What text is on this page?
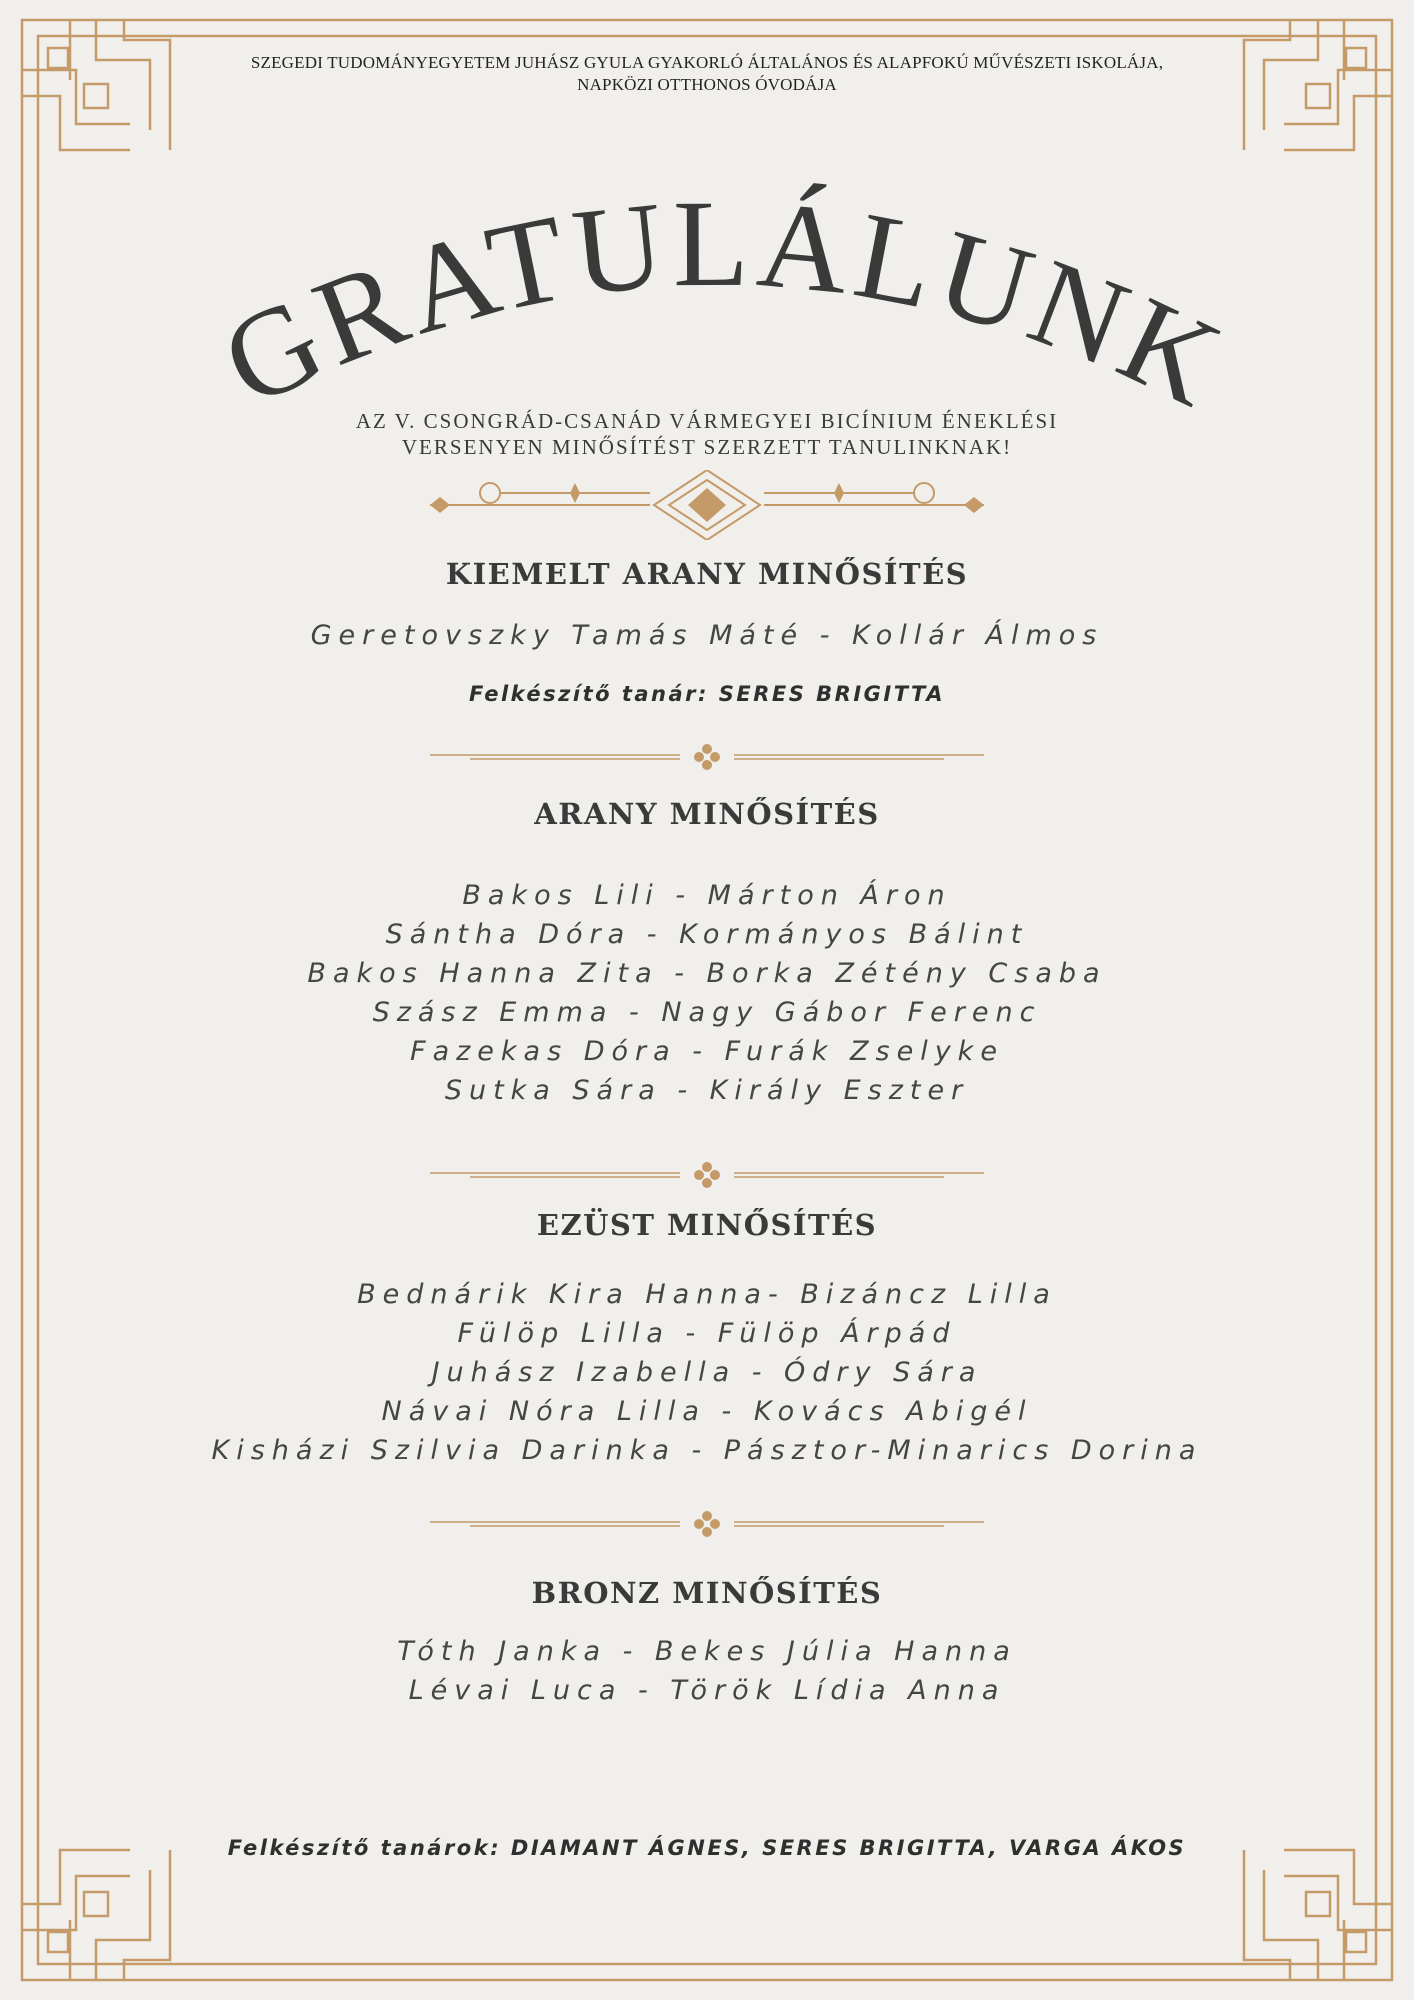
SZEGEDI TUDOMÁNYEGYETEM JUHÁSZ GYULA GYAKORLÓ ÁLTALÁNOS ÉS ALAPFOKÚ MŰVÉSZETI ISKOLÁJA,
NAPKÖZI OTTHONOS ÓVODÁJA
GRATULÁLUNK
AZ V. CSONGRÁD-CSANÁD VÁRMEGYEI BICÍNIUM ÉNEKLÉSI
VERSENYEN MINŐSÍTÉST SZERZETT TANULINKNAK!
KIEMELT ARANY MINŐSÍTÉS
Geretovszky Tamás Máté - Kollár Álmos
Felkészítő tanár: SERES BRIGITTA
ARANY MINŐSÍTÉS
Bakos Lili - Márton Áron
Sántha Dóra - Kormányos Bálint
Bakos Hanna Zita - Borka Zétény Csaba
Szász Emma - Nagy Gábor Ferenc
Fazekas Dóra - Furák Zselyke
Sutka Sára - Király Eszter
EZÜST MINŐSÍTÉS
Bednárik Kira Hanna- Bizáncz Lilla
Fülöp Lilla - Fülöp Árpád
Juhász Izabella - Ódry Sára
Návai Nóra Lilla - Kovács Abigél
Kisházi Szilvia Darinka - Pásztor-Minarics Dorina
BRONZ MINŐSÍTÉS
Tóth Janka - Bekes Júlia Hanna
Lévai Luca - Török Lídia Anna
Felkészítő tanárok: DIAMANT ÁGNES, SERES BRIGITTA, VARGA ÁKOS
